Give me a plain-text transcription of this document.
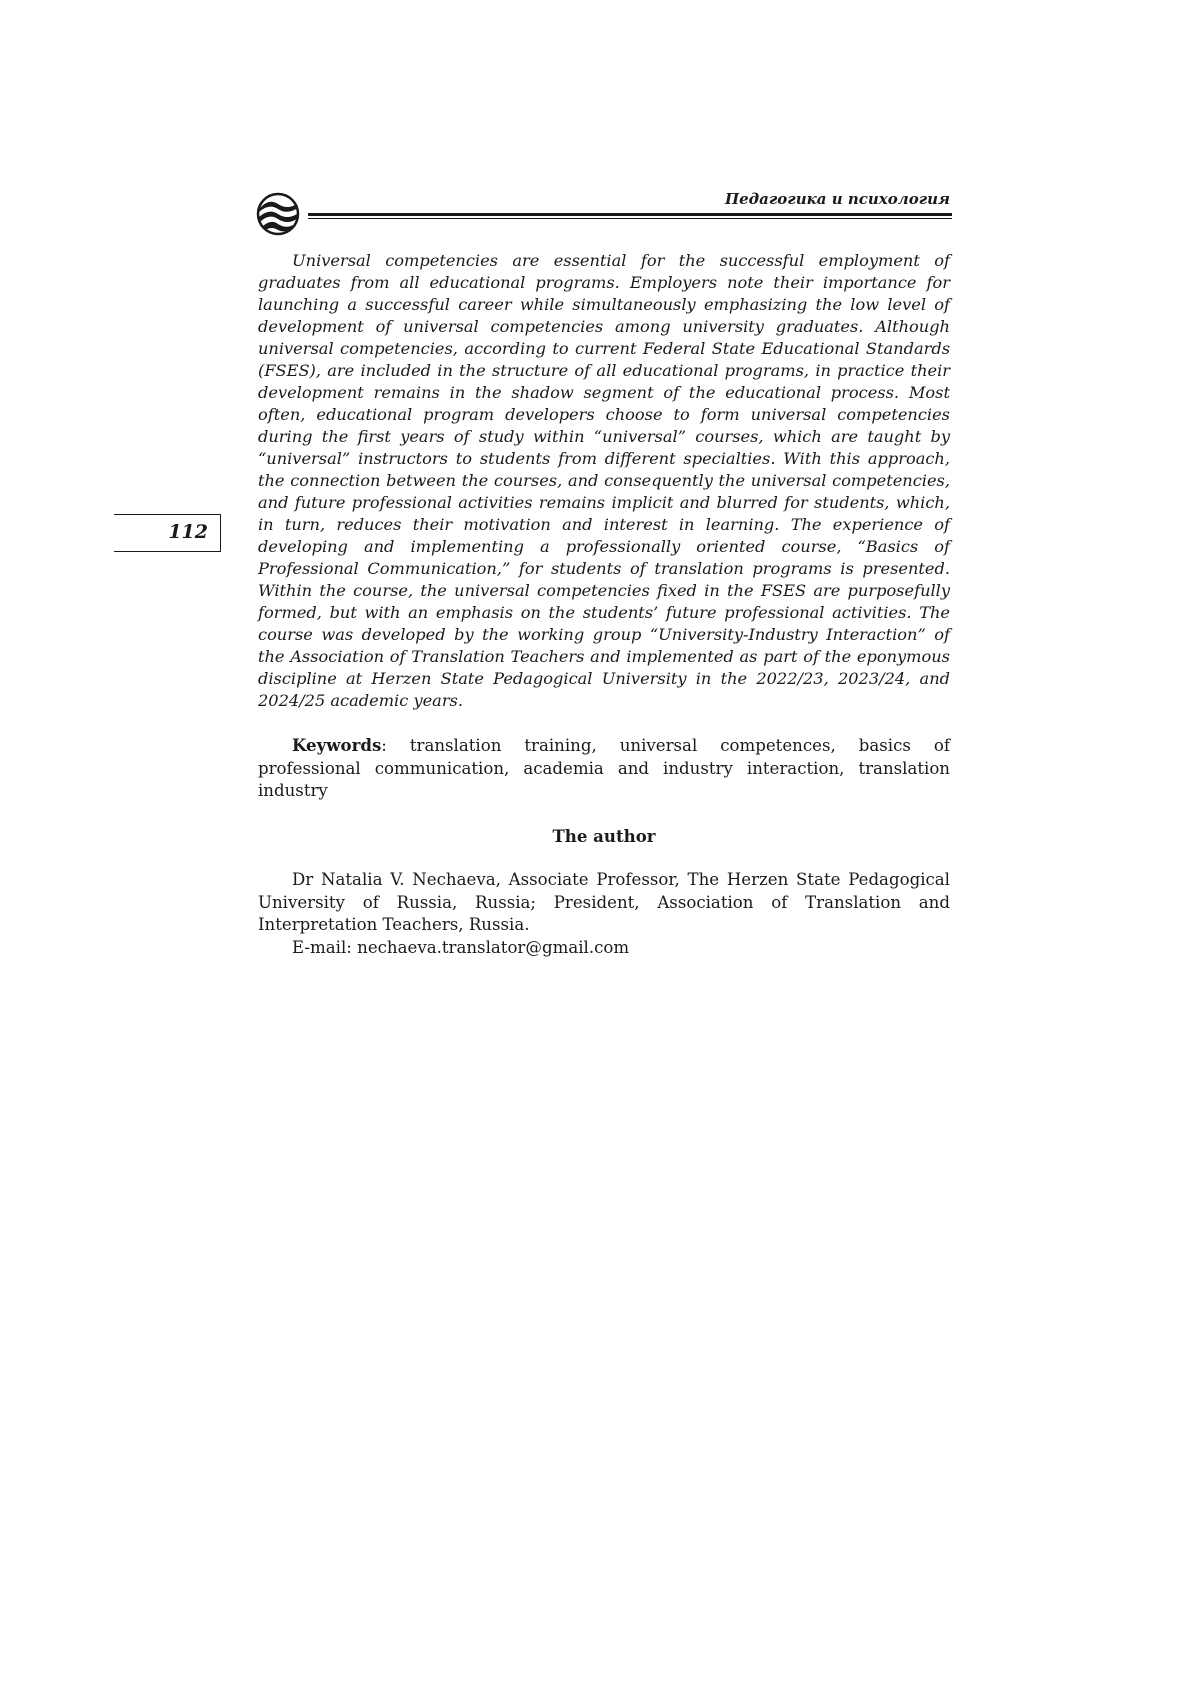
Педагогика и психология
112

Universal competencies are essential for the successful employment of graduates from all educational programs. Employers note their importance for launching a successful career while simultaneously emphasizing the low level of development of universal competencies among university graduates. Although universal competencies, according to current Federal State Educational Standards (FSES), are included in the structure of all educational programs, in practice their development remains in the shadow segment of the educational process. Most often, educational program developers choose to form universal competencies during the first years of study within “universal” courses, which are taught by “universal” instructors to students from different specialties. With this approach, the connection between the courses, and consequently the universal competencies, and future professional activities remains implicit and blurred for students, which, in turn, reduces their motivation and interest in learning. The experience of developing and implementing a professionally oriented course, “Basics of Professional Communication,” for students of translation programs is presented. Within the course, the universal competencies fixed in the FSES are purposefully formed, but with an emphasis on the students’ future professional activities. The course was developed by the working group “University-Industry Interaction” of the Association of Translation Teachers and implemented as part of the eponymous discipline at Herzen State Pedagogical University in the 2022/23, 2023/24, and 2024/25 academic years.

Keywords: translation training, universal competences, basics of professional communication, academia and industry interaction, translation industry

The author

Dr Natalia V. Nechaeva, Associate Professor, The Herzen State Pedagogical University of Russia, Russia; President, Association of Translation and Interpretation Teachers, Russia.

E-mail: nechaeva.translator@gmail.com
